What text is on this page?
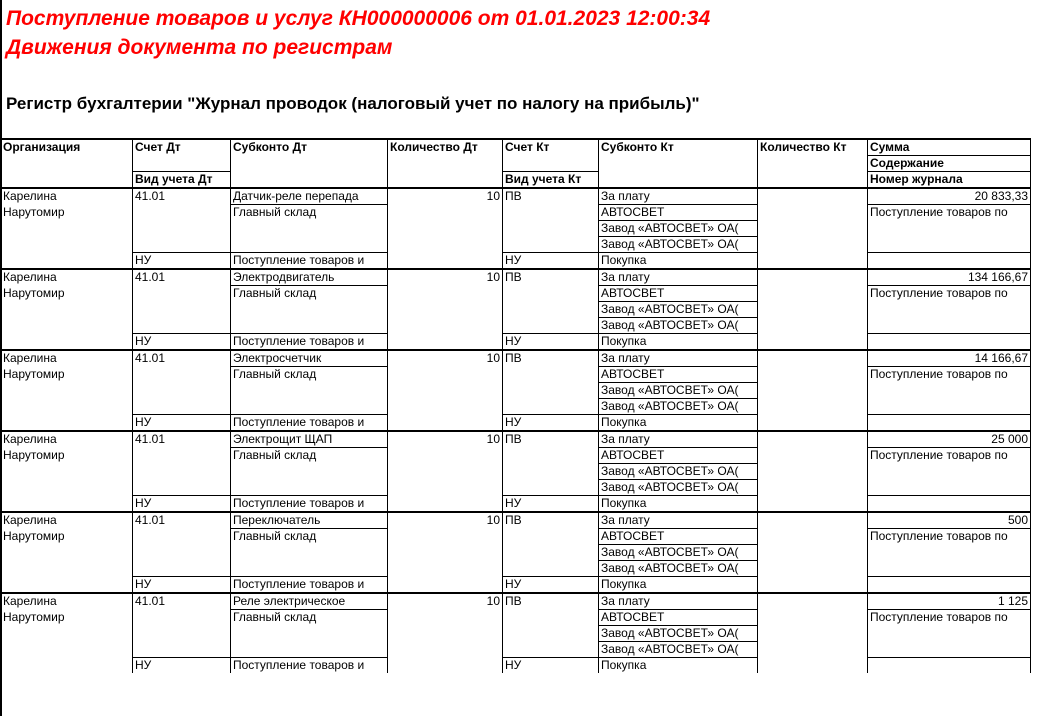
Поступление товаров и услуг КН000000006 от 01.01.2023 12:00:34
Движения документа по регистрам
Регистр бухгалтерии "Журнал проводок (налоговый учет по налогу на прибыль)"
Организация	Счет Дт	Субконто Дт	Количество Дт	Счет Кт	Субконто Кт	Количество Кт	Сумма
							Содержание
	Вид учета Дт			Вид учета Кт			Номер журнала
Карелина	41.01	Датчик-реле перепада	10	ПВ	За плату		20 833,33
Нарутомир		Главный склад			АВТОСВЕТ		Поступление товаров по
					Завод «АВТОСВЕТ» ОА(		
					Завод «АВТОСВЕТ» ОА(		
	НУ	Поступление товаров и		НУ	Покупка		
Карелина	41.01	Электродвигатель	10	ПВ	За плату		134 166,67
Нарутомир		Главный склад			АВТОСВЕТ		Поступление товаров по
					Завод «АВТОСВЕТ» ОА(		
					Завод «АВТОСВЕТ» ОА(		
	НУ	Поступление товаров и		НУ	Покупка		
Карелина	41.01	Электросчетчик	10	ПВ	За плату		14 166,67
Нарутомир		Главный склад			АВТОСВЕТ		Поступление товаров по
					Завод «АВТОСВЕТ» ОА(		
					Завод «АВТОСВЕТ» ОА(		
	НУ	Поступление товаров и		НУ	Покупка		
Карелина	41.01	Электрощит ЩАП	10	ПВ	За плату		25 000
Нарутомир		Главный склад			АВТОСВЕТ		Поступление товаров по
					Завод «АВТОСВЕТ» ОА(		
					Завод «АВТОСВЕТ» ОА(		
	НУ	Поступление товаров и		НУ	Покупка		
Карелина	41.01	Переключатель	10	ПВ	За плату		500
Нарутомир		Главный склад			АВТОСВЕТ		Поступление товаров по
					Завод «АВТОСВЕТ» ОА(		
					Завод «АВТОСВЕТ» ОА(		
	НУ	Поступление товаров и		НУ	Покупка		
Карелина	41.01	Реле электрическое	10	ПВ	За плату		1 125
Нарутомир		Главный склад			АВТОСВЕТ		Поступление товаров по
					Завод «АВТОСВЕТ» ОА(		
					Завод «АВТОСВЕТ» ОА(		
	НУ	Поступление товаров и		НУ	Покупка		
